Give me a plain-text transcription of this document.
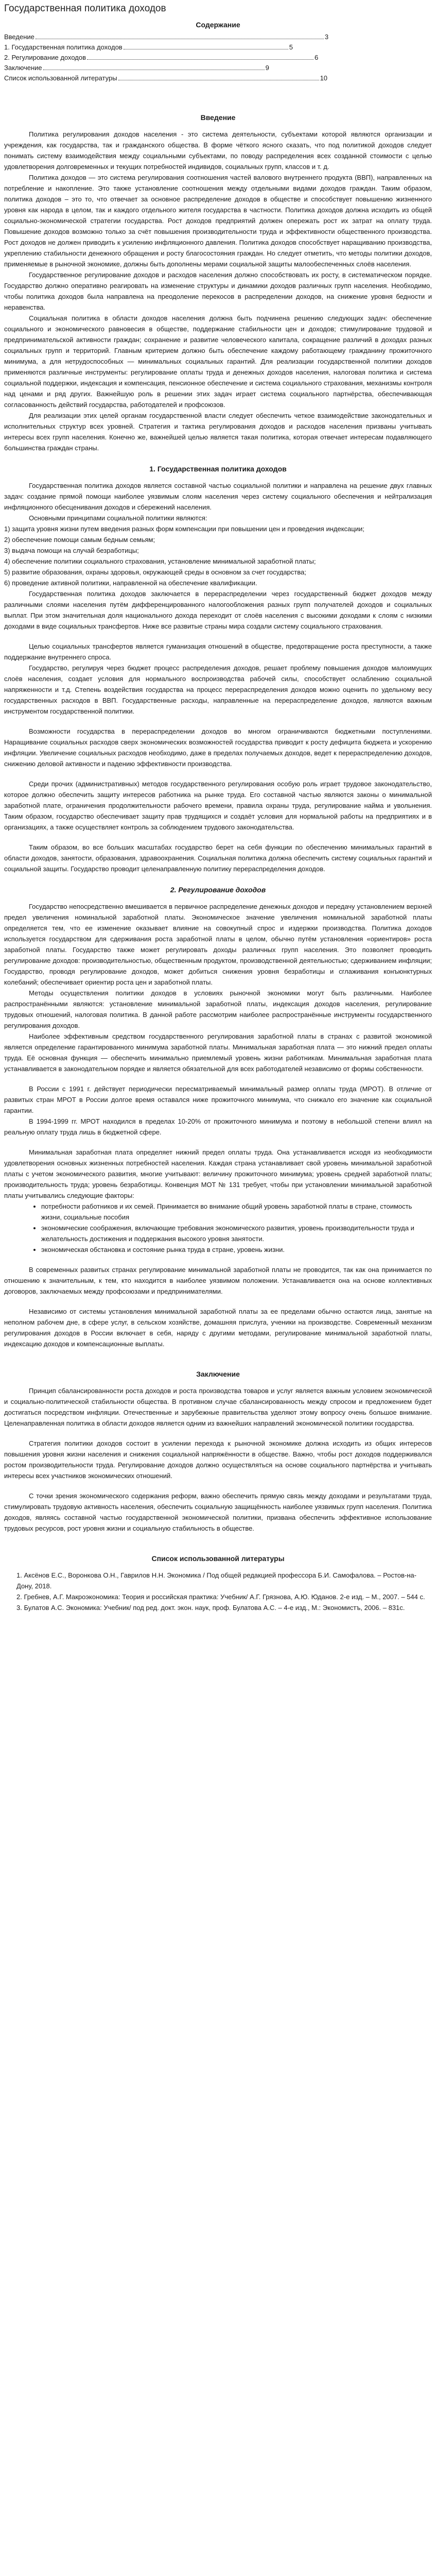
Государственная политика доходов
Содержание
Введение	3
1. Государственная политика доходов	5
2. Регулирование доходов	6
Заключение	9
Список использованной литературы	10
Введение

Политика регулирования доходов населения - это система деятельности, субъектами которой являются организации и учреждения, как государства, так и гражданского общества. В форме чёткого ясного сказать, что под политикой доходов следует понимать систему взаимодействия между социальными субъектами, по поводу распределения всех созданной стоимости с целью удовлетворения долговременных и текущих потребностей индивидов, социальных групп, классов и т. д.

Политика доходов — это система регулирования соотношения частей валового внутреннего продукта (ВВП), направленных на потребление и накопление. Это также установление соотношения между отдельными видами доходов граждан. Таким образом, политика доходов – это то, что отвечает за основное распределение доходов в обществе и способствует повышению жизненного уровня как народа в целом, так и каждого отдельного жителя государства в частности. Политика доходов должна исходить из общей социально-экономической стратегии государства. Рост доходов предприятий должен опережать рост их затрат на оплату труда. Повышение доходов возможно только за счёт повышения производительности труда и эффективности общественного производства. Рост доходов не должен приводить к усилению инфляционного давления. Политика доходов способствует наращиванию производства, укреплению стабильности денежного обращения и росту благосостояния граждан. Но следует отметить, что методы политики доходов, применяемые в рыночной экономике, должны быть дополнены мерами социальной защиты малообеспеченных слоёв населения.

Государственное регулирование доходов и расходов населения должно способствовать их росту, в систематическом порядке. Государство должно оперативно реагировать на изменение структуры и динамики доходов различных групп населения. Необходимо, чтобы политика доходов была направлена на преодоление перекосов в распределении доходов, на снижение уровня бедности и неравенства.

Социальная политика в области доходов населения должна быть подчинена решению следующих задач: обеспечение социального и экономического равновесия в обществе, поддержание стабильности цен и доходов; стимулирование трудовой и предпринимательской активности граждан; сохранение и развитие человеческого капитала, сокращение различий в доходах разных социальных групп и территорий. Главным критерием должно быть обеспечение каждому работающему гражданину прожиточного минимума, а для нетрудоспособных — минимальных социальных гарантий. Для реализации государственной политики доходов применяются различные инструменты: регулирование оплаты труда и денежных доходов населения, налоговая политика и система социальной поддержки, индексация и компенсация, пенсионное обеспечение и система социального страхования, механизмы контроля над ценами и ряд других. Важнейшую роль в решении этих задач играет система социального партнёрства, обеспечивающая согласованность действий государства, работодателей и профсоюзов.

Для реализации этих целей органам государственной власти следует обеспечить четкое взаимодействие законодательных и исполнительных структур всех уровней. Стратегия и тактика регулирования доходов и расходов населения призваны учитывать интересы всех групп населения. Конечно же, важнейшей целью является такая политика, которая отвечает интересам подавляющего большинства граждан страны.

1. Государственная политика доходов

Государственная политика доходов является составной частью социальной политики и направлена на решение двух главных задач: создание прямой помощи наиболее уязвимым слоям населения через систему социального обеспечения и нейтрализация инфляционного обесценивания доходов и сбережений населения.

Основными принципами социальной политики являются:

1) защита уровня жизни путем введения разных форм компенсации при повышении цен и проведения индексации;

2) обеспечение помощи самым бедным семьям;

3) выдача помощи на случай безработицы;

4) обеспечение политики социального страхования, установление минимальной заработной платы;

5) развитие образования, охраны здоровья, окружающей среды в основном за счет государства;

6) проведение активной политики, направленной на обеспечение квалификации.

Государственная политика доходов заключается в перераспределении через государственный бюджет доходов между различными слоями населения путём дифференцированного налогообложения разных групп получателей доходов и социальных выплат. При этом значительная доля национального дохода переходит от слоёв населения с высокими доходами к слоям с низкими доходами в виде социальных трансфертов. Ниже все развитые страны мира создали систему социального страхования.

Целью социальных трансфертов является гуманизация отношений в обществе, предотвращение роста преступности, а также поддержание внутреннего спроса.

Государство, регулируя через бюджет процесс распределения доходов, решает проблему повышения доходов малоимущих слоёв населения, создает условия для нормального воспроизводства рабочей силы, способствует ослаблению социальной напряженности и т.д. Степень воздействия государства на процесс перераспределения доходов можно оценить по удельному весу государственных расходов в ВВП. Государственные расходы, направленные на перераспределение доходов, являются важным инструментом государственной политики.

Возможности государства в перераспределении доходов во многом ограничиваются бюджетными поступлениями. Наращивание социальных расходов сверх экономических возможностей государства приводит к росту дефицита бюджета и ускорению инфляции. Увеличение социальных расходов необходимо, даже в пределах получаемых доходов, ведет к перераспределению доходов, снижению деловой активности и падению эффективности производства.

Среди прочих (административных) методов государственного регулирования особую роль играет трудовое законодательство, которое должно обеспечить защиту интересов работника на рынке труда. Его составной частью являются законы о минимальной заработной плате, ограничения продолжительности рабочего времени, правила охраны труда, регулирование найма и увольнения. Таким образом, государство обеспечивает защиту прав трудящихся и создаёт условия для нормальной работы на предприятиях и в организациях, а также осуществляет контроль за соблюдением трудового законодательства.

Таким образом, во все больших масштабах государство берет на себя функции по обеспечению минимальных гарантий в области доходов, занятости, образования, здравоохранения. Социальная политика должна обеспечить систему социальных гарантий и социальной защиты. Государство проводит целенаправленную политику перераспределения доходов.

2. Регулирование доходов

Государство непосредственно вмешивается в первичное распределение денежных доходов и передачу установлением верхней предел увеличения номинальной заработной платы. Экономическое значение увеличения номинальной заработной платы определяется тем, что ее изменение оказывает влияние на совокупный спрос и издержки производства. Политика доходов используется государством для сдерживания роста заработной платы в целом, обычно путём установления «ориентиров» роста заработной платы. Государство также может регулировать доходы различных групп населения. Это позволяет проводить регулирование доходов: производительностью, общественным продуктом, производственной деятельностью; сдерживанием инфляции; Государство, проводя регулирование доходов, может добиться снижения уровня безработицы и сглаживания конъюнктурных колебаний; обеспечивает ориентир роста цен и заработной платы.

Методы осуществления политики доходов в условиях рыночной экономики могут быть различными. Наиболее распространёнными являются: установление минимальной заработной платы, индексация доходов населения, регулирование трудовых отношений, налоговая политика. В данной работе рассмотрим наиболее распространённые инструменты государственного регулирования доходов.

Наиболее эффективным средством государственного регулирования заработной платы в странах с развитой экономикой является определение гарантированного минимума заработной платы. Минимальная заработная плата — это нижний предел оплаты труда. Её основная функция — обеспечить минимально приемлемый уровень жизни работникам. Минимальная заработная плата устанавливается в законодательном порядке и является обязательной для всех работодателей независимо от формы собственности.

В России с 1991 г. действует периодически пересматриваемый минимальный размер оплаты труда (МРОТ). В отличие от развитых стран МРОТ в России долгое время оставался ниже прожиточного минимума, что снижало его значение как социальной гарантии.

В 1994-1999 гг. МРОТ находился в пределах 10-20% от прожиточного минимума и поэтому в небольшой степени влиял на реальную оплату труда лишь в бюджетной сфере.

Минимальная заработная плата определяет нижний предел оплаты труда. Она устанавливается исходя из необходимости удовлетворения основных жизненных потребностей населения. Каждая страна устанавливает свой уровень минимальной заработной платы с учетом экономического развития, многие учитывают: величину прожиточного минимума; уровень средней заработной платы; производительность труда; уровень безработицы. Конвенция МОТ № 131 требует, чтобы при установлении минимальной заработной платы учитывались следующие факторы:

• потребности работников и их семей. Принимается во внимание общий уровень заработной платы в стране, стоимость жизни, социальные пособия
• экономические соображения, включающие требования экономического развития, уровень производительности труда и желательность достижения и поддержания высокого уровня занятости.
• экономическая обстановка и состояние рынка труда в стране, уровень жизни.

В современных развитых странах регулирование минимальной заработной платы не проводится, так как она принимается по отношению к значительным, к тем, кто находится в наиболее уязвимом положении. Устанавливается она на основе коллективных договоров, заключаемых между профсоюзами и предпринимателями.

Независимо от системы установления минимальной заработной платы за ее пределами обычно остаются лица, занятые на неполном рабочем дне, в сфере услуг, в сельском хозяйстве, домашняя прислуга, ученики на производстве. Современный механизм регулирования доходов в России включает в себя, наряду с другими методами, регулирование минимальной заработной платы, индексацию доходов и компенсационные выплаты.

Заключение

Принцип сбалансированности роста доходов и роста производства товаров и услуг является важным условием экономической и социально-политической стабильности общества. В противном случае сбалансированность между спросом и предложением будет достигаться посредством инфляции. Отечественные и зарубежные правительства уделяют этому вопросу очень большое внимание. Целенаправленная политика в области доходов является одним из важнейших направлений экономической политики государства.

Стратегия политики доходов состоит в усилении перехода к рыночной экономике должна исходить из общих интересов повышения уровня жизни населения и снижения социальной напряжённости в обществе. Важно, чтобы рост доходов поддерживался ростом производительности труда. Регулирование доходов должно осуществляться на основе социального партнёрства и учитывать интересы всех участников экономических отношений.

С точки зрения экономического содержания реформ, важно обеспечить прямую связь между доходами и результатами труда, стимулировать трудовую активность населения, обеспечить социальную защищённость наиболее уязвимых групп населения. Политика доходов, являясь составной частью государственной экономической политики, призвана обеспечить эффективное использование трудовых ресурсов, рост уровня жизни и социальную стабильность в обществе.

Список использованной литературы
1. Аксёнов Е.С., Воронкова О.Н., Гаврилов Н.Н. Экономика / Под общей редакцией профессора Б.И. Самофалова. – Ростов-на-Дону, 2018.
2. Гребнев, А.Г. Макроэкономика: Теория и российская практика: Учебник/ А.Г. Грязнова, А.Ю. Юданов. 2-е изд. – М., 2007. – 544 с.
3. Булатов А.С. Экономика: Учебник/ под ред. докт. экон. наук, проф. Булатова А.С. – 4-е изд., М.: Экономистъ, 2006. – 831с.
